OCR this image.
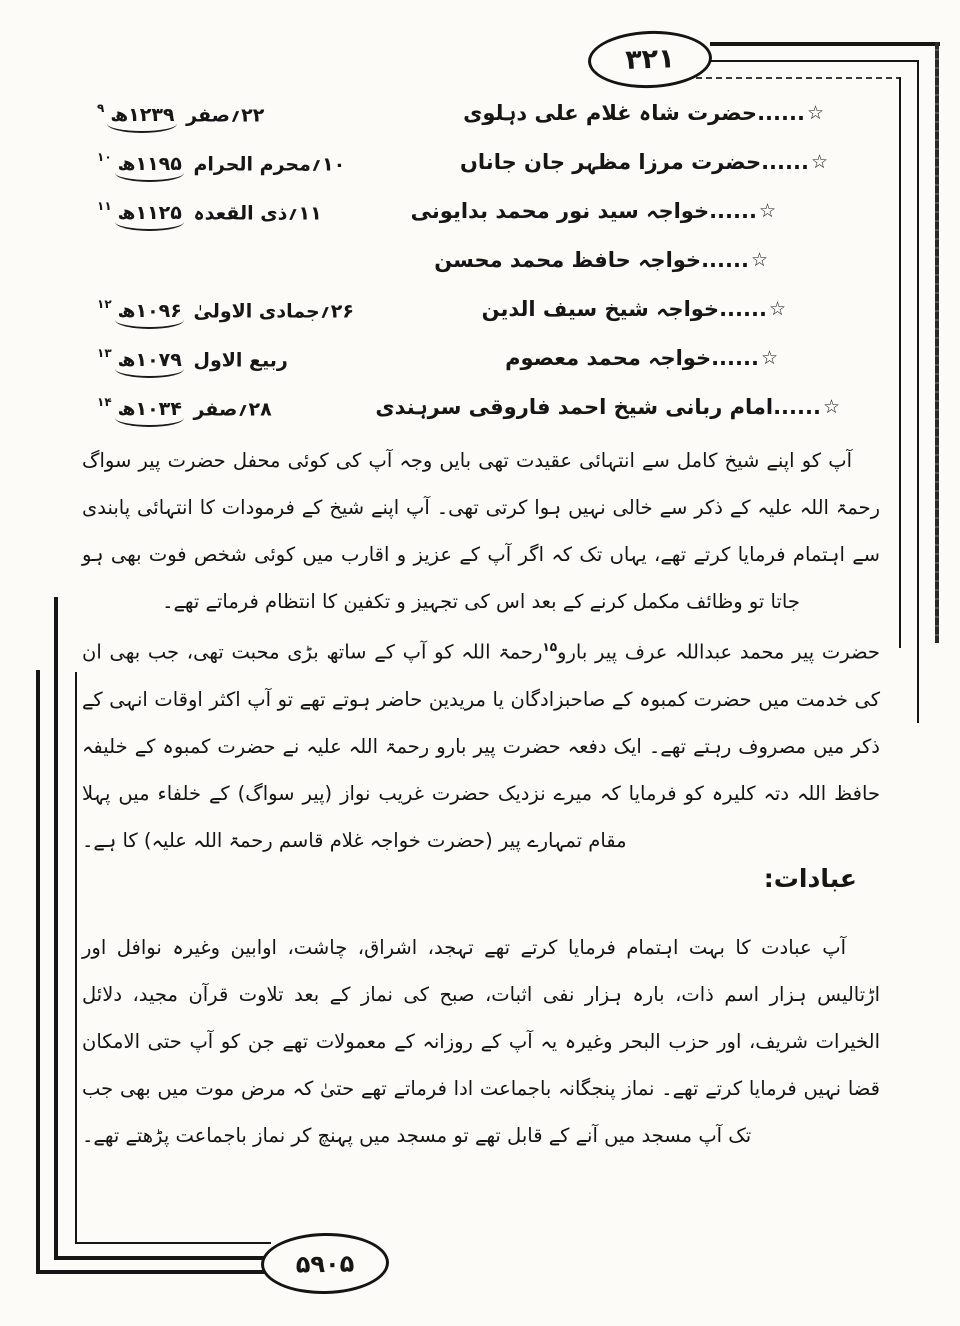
۳۲۱
۵۹۰۵
☆......حضرت شاہ غلام علی دہلوی
۲۲؍صفر ۱۲۳۹ھ$^۹$
☆......حضرت مرزا مظہر جان جاناں
۱۰؍محرم الحرام ۱۱۹۵ھ$^{۱۰}$
☆......خواجہ سید نور محمد بدایونی
۱۱؍ذی القعدہ ۱۱۲۵ھ$^{۱۱}$
☆......خواجہ حافظ محمد محسن
☆......خواجہ شیخ سیف الدین
۲۶؍جمادی الاولیٰ ۱۰۹۶ھ$^{۱۲}$
☆......خواجہ محمد معصوم
ربیع الاول ۱۰۷۹ھ$^{۱۳}$
☆......امام ربانی شیخ احمد فاروقی سرہندی
۲۸؍صفر ۱۰۳۴ھ$^{۱۴}$
آپ کو اپنے شیخ کامل سے انتہائی عقیدت تھی بایں وجہ آپ کی کوئی محفل حضرت پیر سواگ رحمۃ اللہ علیہ کے ذکر سے خالی نہیں ہوا کرتی تھی۔ آپ اپنے شیخ کے فرمودات کا انتہائی پابندی سے اہتمام فرمایا کرتے تھے، یہاں تک کہ اگر آپ کے عزیز و اقارب میں کوئی شخص فوت بھی ہو جاتا تو وظائف مکمل کرنے کے بعد اس کی تجہیز و تکفین کا انتظام فرماتے تھے۔
حضرت پیر محمد عبداللہ عرف پیر بارو$^{۱۵}$رحمۃ اللہ کو آپ کے ساتھ بڑی محبت تھی، جب بھی ان کی خدمت میں حضرت کمبوہ کے صاحبزادگان یا مریدین حاضر ہوتے تھے تو آپ اکثر اوقات انہی کے ذکر میں مصروف رہتے تھے۔ ایک دفعہ حضرت پیر بارو رحمۃ اللہ علیہ نے حضرت کمبوہ کے خلیفہ حافظ اللہ دتہ کلیرہ کو فرمایا کہ میرے نزدیک حضرت غریب نواز (پیر سواگ) کے خلفاء میں پہلا مقام تمہارے پیر (حضرت خواجہ غلام قاسم رحمۃ اللہ علیہ) کا ہے۔
عبادات:
آپ عبادت کا بہت اہتمام فرمایا کرتے تھے تہجد، اشراق، چاشت، اوابین وغیرہ نوافل اور اڑتالیس ہزار اسم ذات، بارہ ہزار نفی اثبات، صبح کی نماز کے بعد تلاوت قرآن مجید، دلائل الخیرات شریف، اور حزب البحر وغیرہ یہ آپ کے روزانہ کے معمولات تھے جن کو آپ حتی الامکان قضا نہیں فرمایا کرتے تھے۔ نماز پنجگانہ باجماعت ادا فرماتے تھے حتیٰ کہ مرض موت میں بھی جب تک آپ مسجد میں آنے کے قابل تھے تو مسجد میں پہنچ کر نماز باجماعت پڑھتے تھے۔
